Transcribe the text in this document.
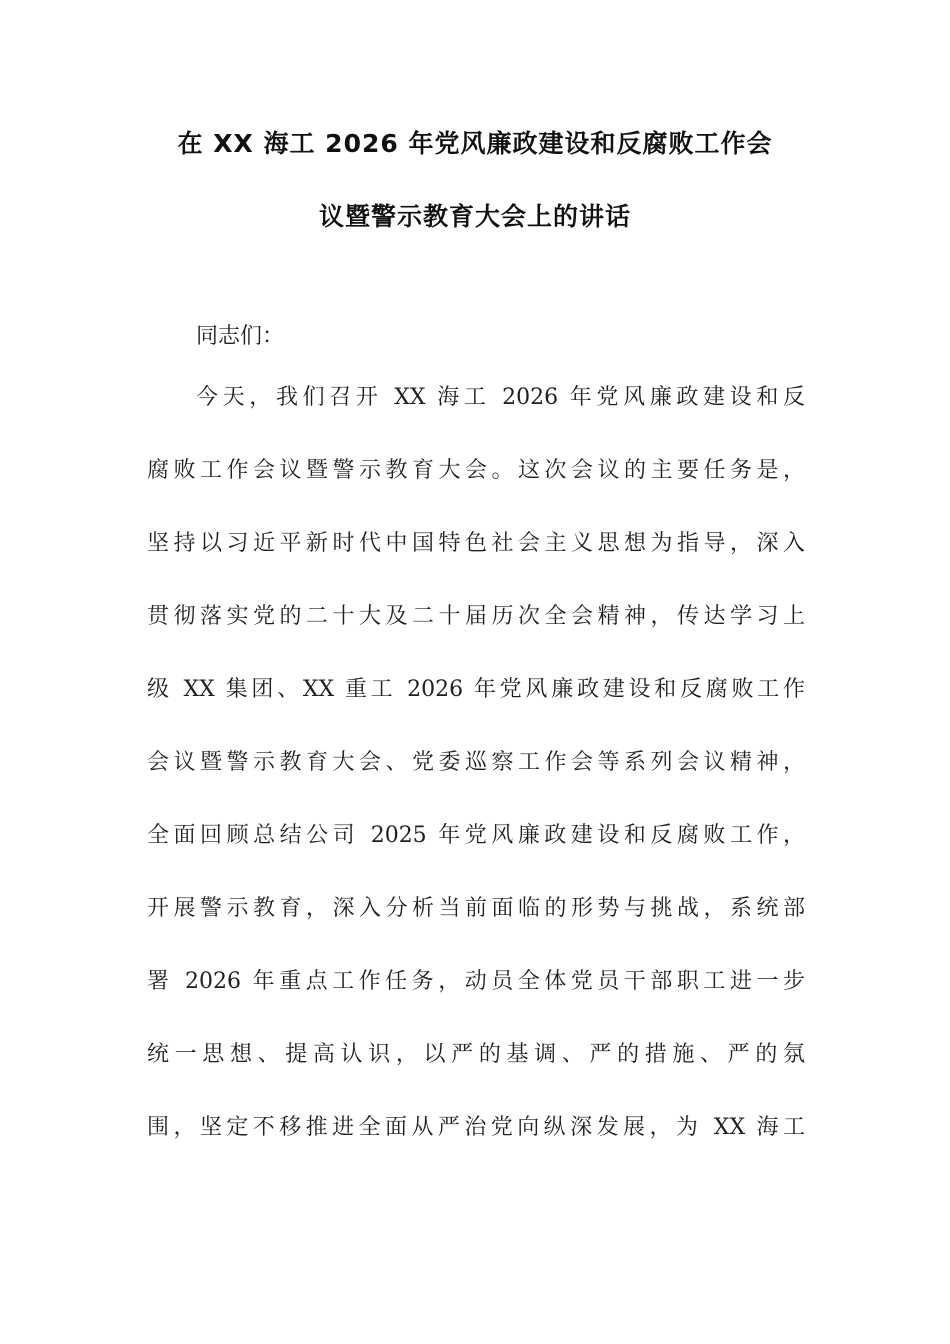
在 XX 海工 2026 年党风廉政建设和反腐败工作会
议暨警示教育大会上的讲话
同志们：
今天，我们召开 XX 海工 2026 年党风廉政建设和反
腐败工作会议暨警示教育大会。这次会议的主要任务是，
坚持以习近平新时代中国特色社会主义思想为指导，深入
贯彻落实党的二十大及二十届历次全会精神，传达学习上
级 XX 集团、XX 重工 2026 年党风廉政建设和反腐败工作
会议暨警示教育大会、党委巡察工作会等系列会议精神，
全面回顾总结公司 2025 年党风廉政建设和反腐败工作，
开展警示教育，深入分析当前面临的形势与挑战，系统部
署 2026 年重点工作任务，动员全体党员干部职工进一步
统一思想、提高认识，以严的基调、严的措施、严的氛
围，坚定不移推进全面从严治党向纵深发展，为 XX 海工
